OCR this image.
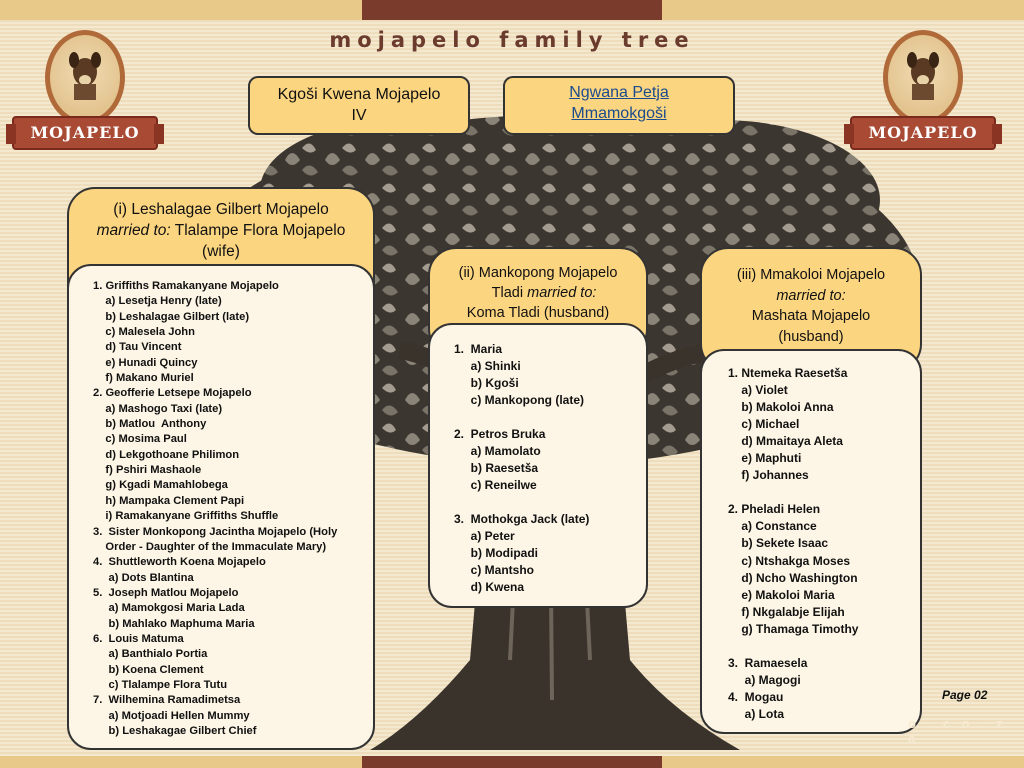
mojapelo family tree
MOJAPELO	MOJAPELO
Kgoši Kwena Mojapelo
IV
Ngwana Petja
Mmamokgoši
(i) Leshalagae Gilbert Mojapelo
married to: Tlalampe Flora Mojapelo
(wife)
1. Griffiths Ramakanyane Mojapelo
a) Lesetja Henry (late)
b) Leshalagae Gilbert (late)
c) Malesela John
d) Tau Vincent
e) Hunadi Quincy
f) Makano Muriel
2. Geofferie Letsepe Mojapelo
a) Mashogo Taxi (late)
b) Matlou  Anthony
c) Mosima Paul
d) Lekgothoane Philimon
f) Pshiri Mashaole
g) Kgadi Mamahlobega
h) Mampaka Clement Papi
i) Ramakanyane Griffiths Shuffle
3.  Sister Monkopong Jacintha Mojapelo (Holy
Order - Daughter of the Immaculate Mary)
4.  Shuttleworth Koena Mojapelo
a) Dots Blantina
5.  Joseph Matlou Mojapelo
a) Mamokgosi Maria Lada
b) Mahlako Maphuma Maria
6.  Louis Matuma
a) Banthialo Portia
b) Koena Clement
c) Tlalampe Flora Tutu
7.  Wilhemina Ramadimetsa
a) Motjoadi Hellen Mummy
b) Leshakagae Gilbert Chief
(ii) Mankopong Mojapelo
Tladi married to:
Koma Tladi (husband)
1.  Maria
a) Shinki
b) Kgoši
c) Mankopong (late)

2.  Petros Bruka
a) Mamolato
b) Raesetša
c) Reneilwe

3.  Mothokga Jack (late)
a) Peter
b) Modipadi
c) Mantsho
d) Kwena
(iii) Mmakoloi Mojapelo
married to:
Mashata Mojapelo
(husband)
1. Ntemeka Raesetša
a) Violet
b) Makoloi Anna
c) Michael
d) Mmaitaya Aleta
e) Maphuti
f) Johannes

2. Pheladi Helen
a) Constance
b) Sekete Isaac
c) Ntshakga Moses
d) Ncho Washington
e) Makoloi Maria
f) Nkgalabje Elijah
g) Thamaga Timothy

3.  Ramaesela
a) Magogi
4.  Mogau
a) Lota
Page 02
o . c o . z a
